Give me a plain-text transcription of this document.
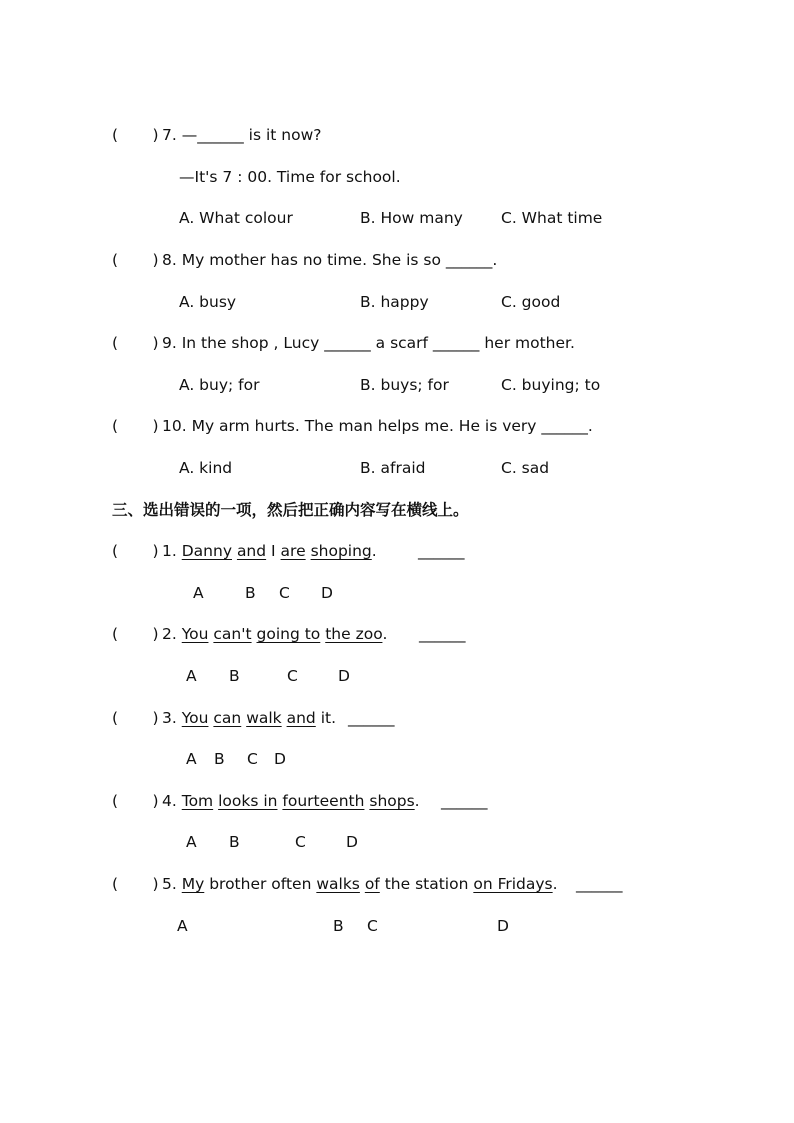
(       ) 7. —______ is it now?
—It's 7 : 00. Time for school.
A. What colour	B. How many C. What time
(       ) 8. My mother has no time. She is so ______.
A. busy	B. happy	C. good
(       ) 9. In the shop , Lucy ______ a scarf ______ her mother.
A. buy; for	B. buys; for	C. buying; to
(       ) 10. My arm hurts. The man helps me. He is very ______.
A. kind	B. afraid	C. sad
三、选出错误的一项，然后把正确内容写在横线上。
(       ) 1. Danny and I are shoping.	______
A	B C D
(       ) 2. You can't going to the zoo. ______
A B	C	D
(       ) 3. You can walk and it. ______
A B C D
(       ) 4. Tom looks in fourteenth shops. ______
A B	C	D
(       ) 5. My brother often walks of the station on Fridays. ______
A	B C	D
